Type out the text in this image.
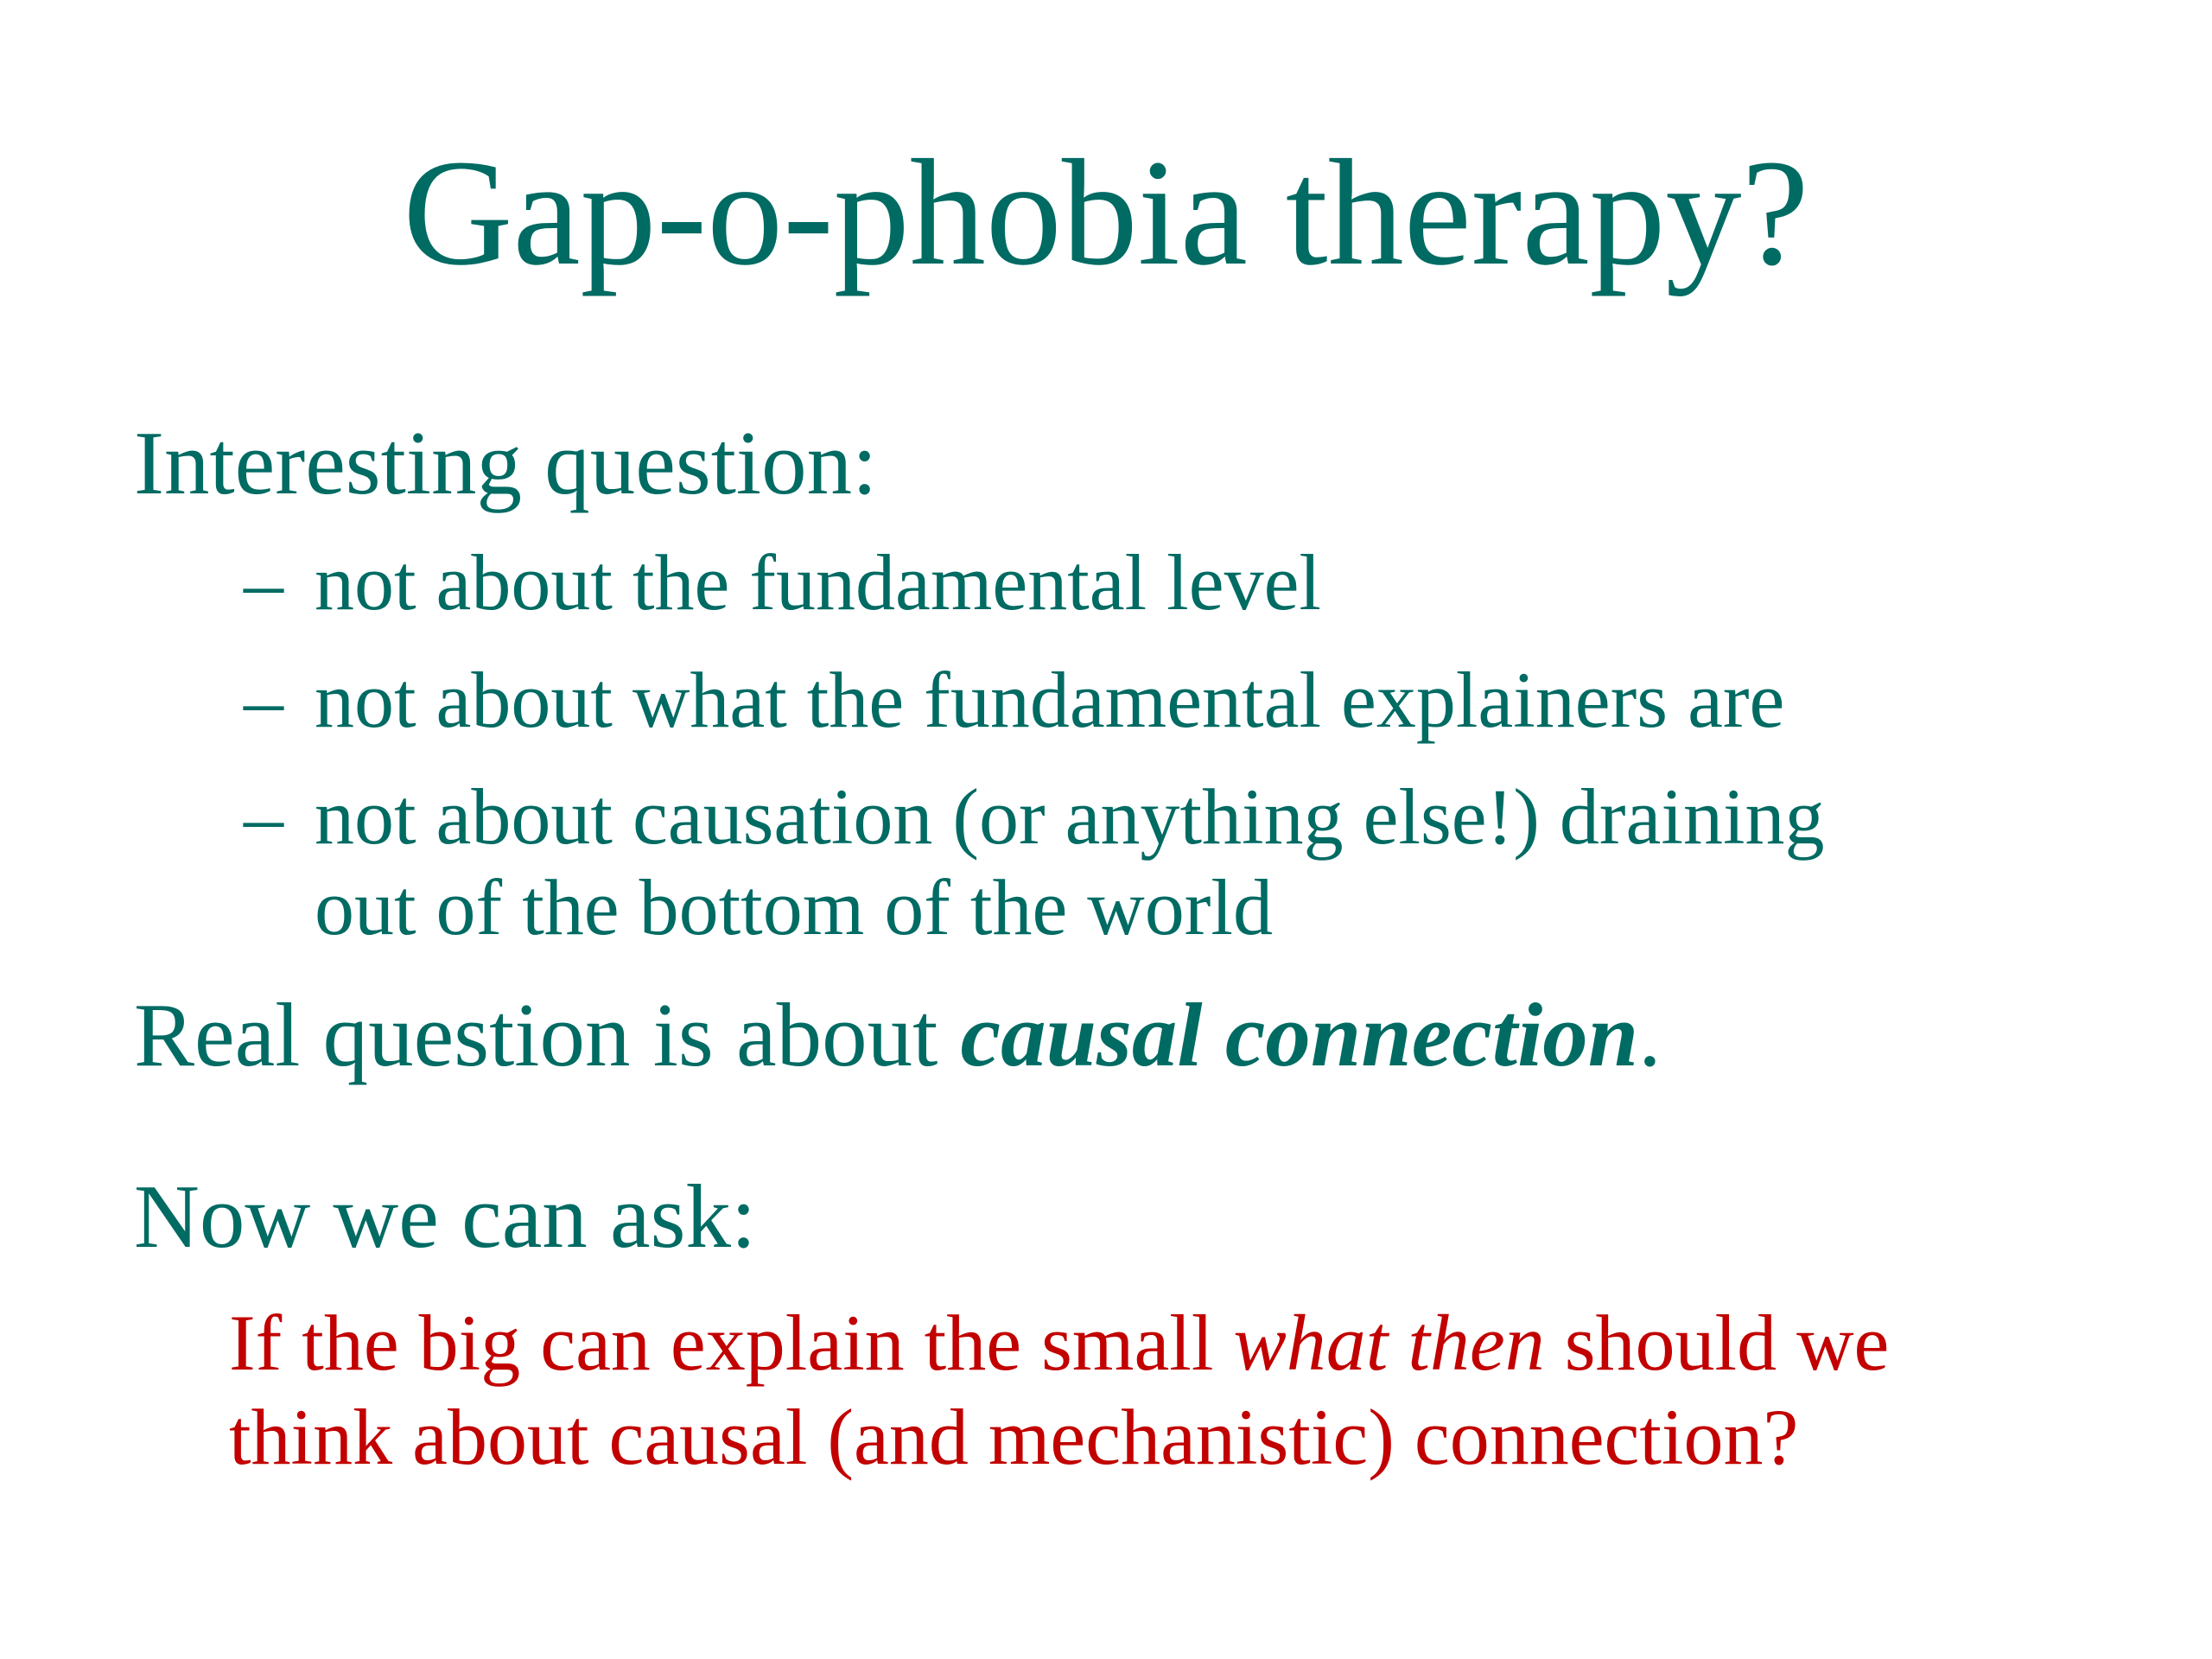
Gap-o-phobia therapy?
Interesting question:
– not about the fundamental level
– not about what the fundamental explainers are
– not about causation (or anything else!) draining
out of the bottom of the world
Real question is about causal connection.
Now we can ask:
If the big can explain the small what then should we
think about causal (and mechanistic) connection?
